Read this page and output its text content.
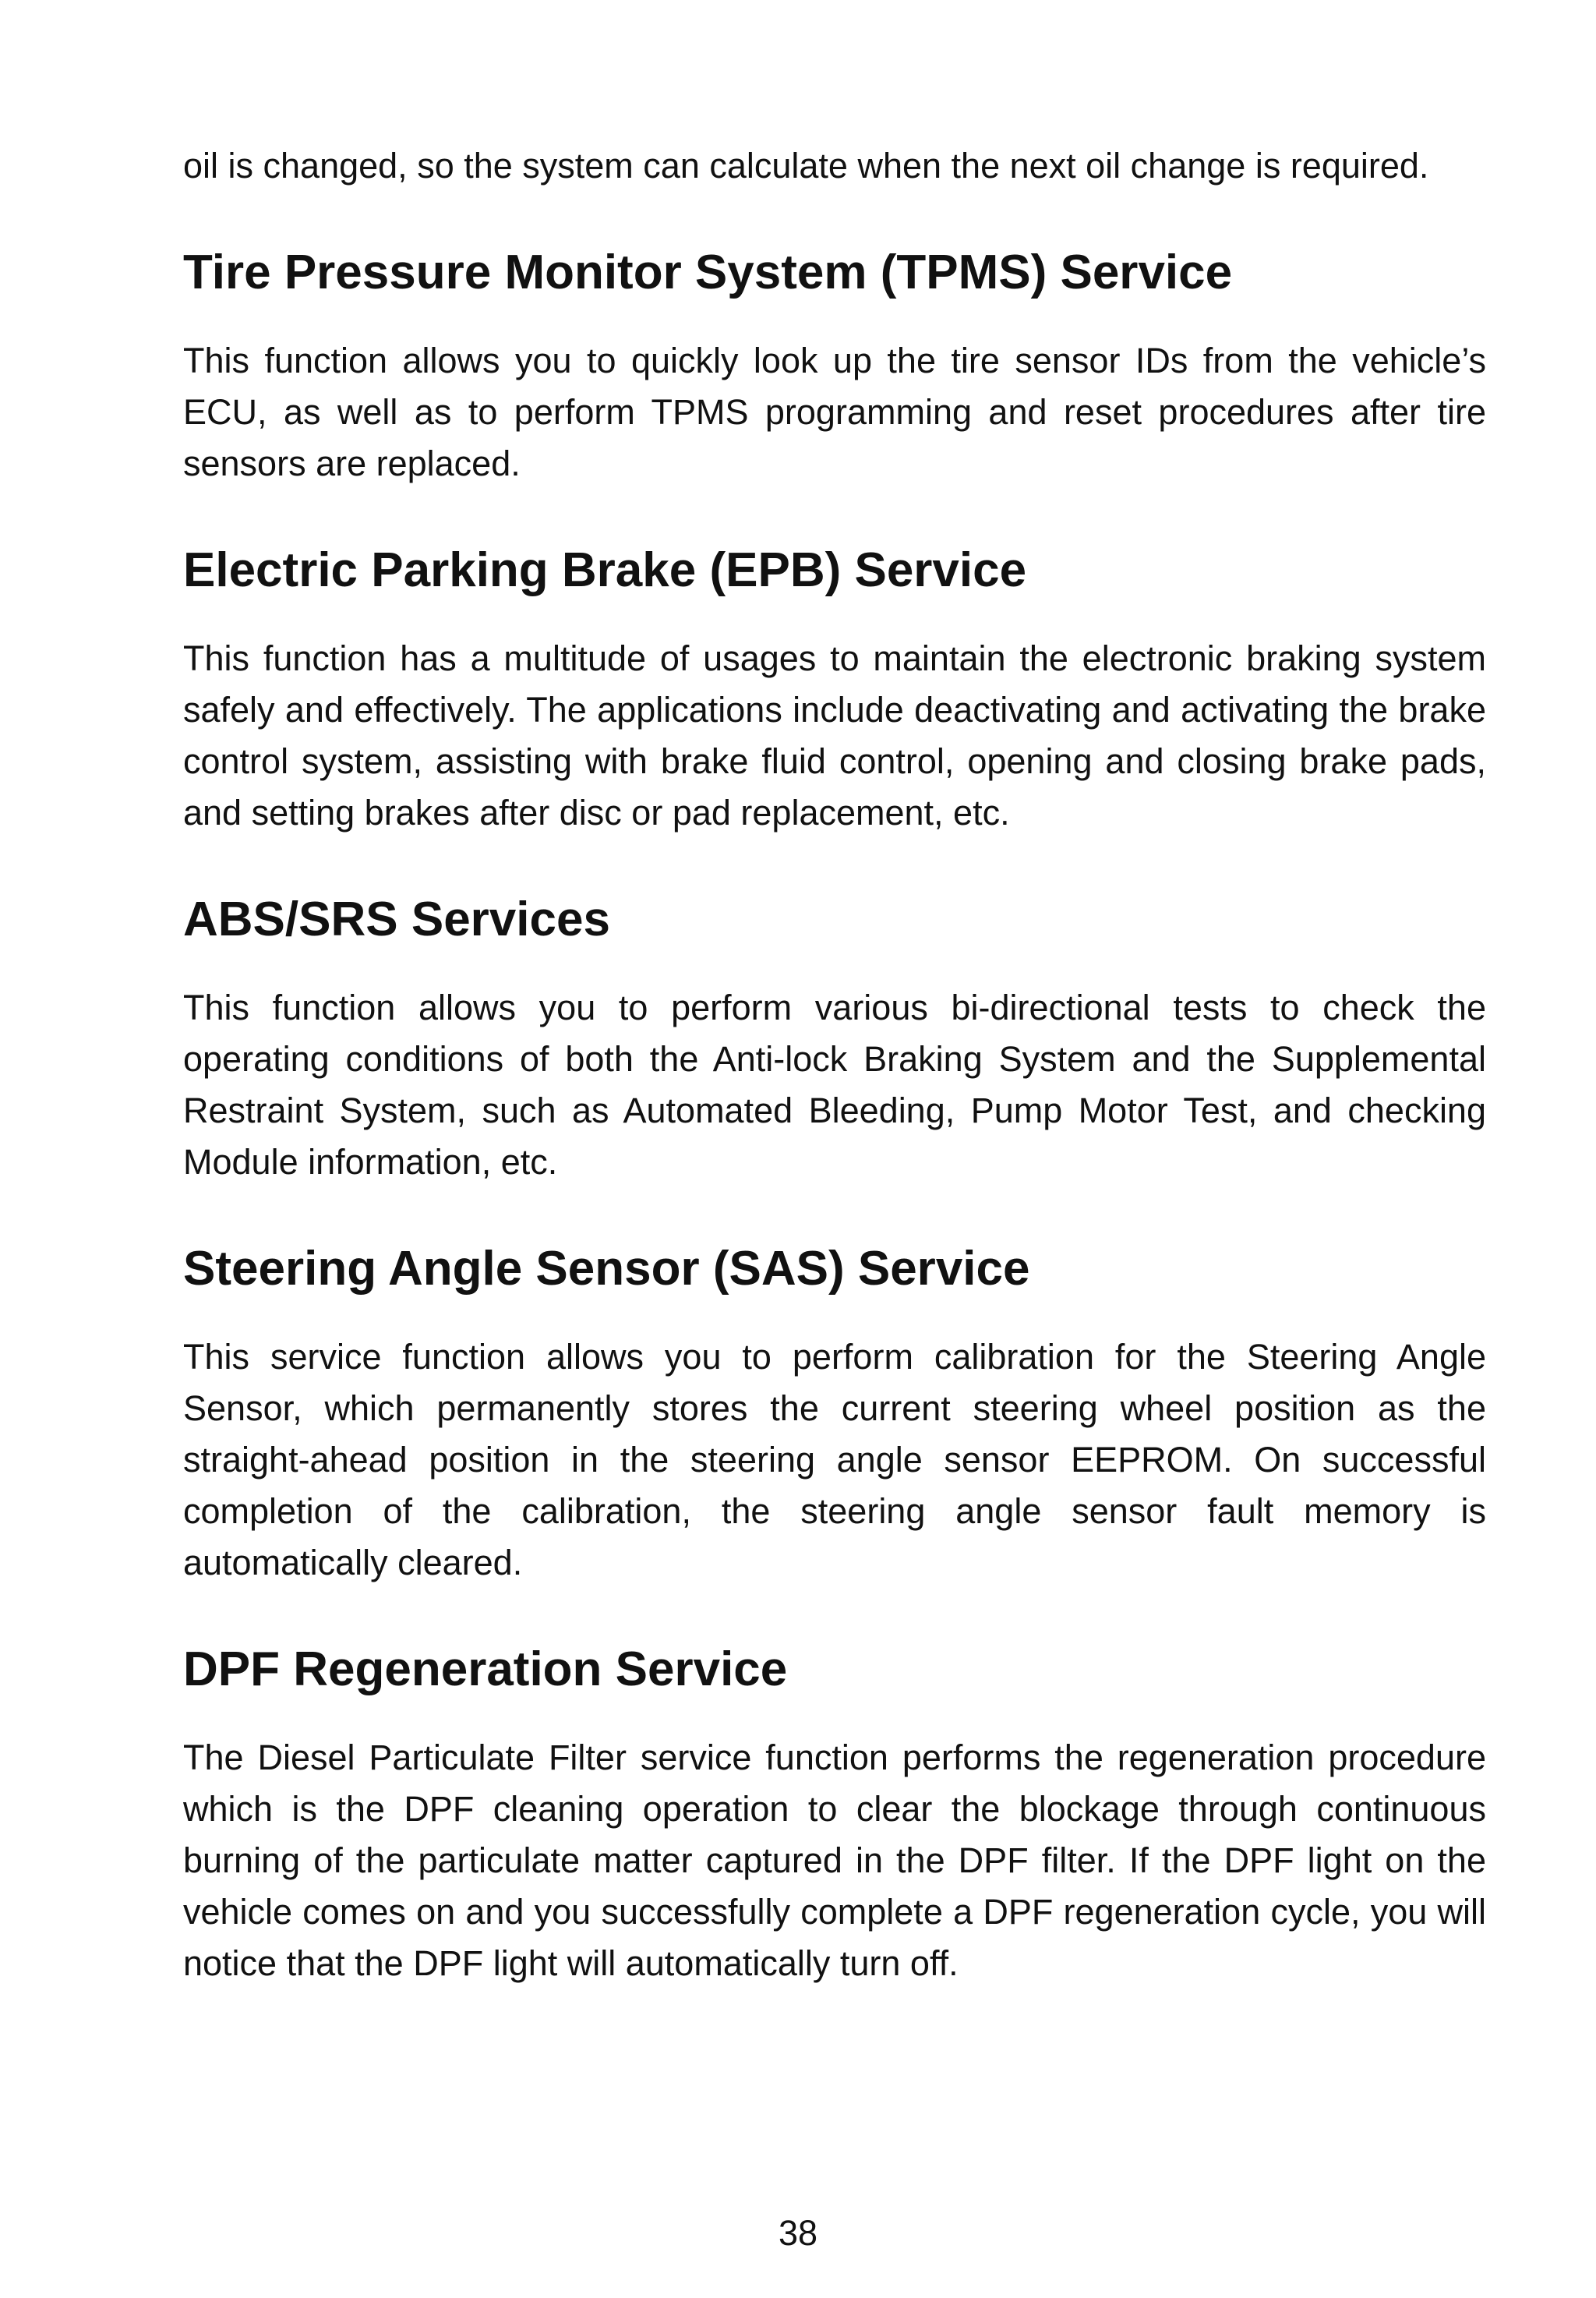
oil is changed, so the system can calculate when the next oil change is required.

Tire Pressure Monitor System (TPMS) Service

This function allows you to quickly look up the tire sensor IDs from the vehicle’s ECU, as well as to perform TPMS programming and reset procedures after tire sensors are replaced.

Electric Parking Brake (EPB) Service

This function has a multitude of usages to maintain the electronic braking system safely and effectively. The applications include deactivating and activating the brake control system, assisting with brake fluid control, opening and closing brake pads, and setting brakes after disc or pad replacement, etc.

ABS/SRS Services

This function allows you to perform various bi-directional tests to check the operating conditions of both the Anti-lock Braking System and the Supplemental Restraint System, such as Automated Bleeding, Pump Motor Test, and checking Module information, etc.

Steering Angle Sensor (SAS) Service

This service function allows you to perform calibration for the Steering Angle Sensor, which permanently stores the current steering wheel position as the straight-ahead position in the steering angle sensor EEPROM. On successful completion of the calibration, the steering angle sensor fault memory is automatically cleared.

DPF Regeneration Service

The Diesel Particulate Filter service function performs the regeneration procedure which is the DPF cleaning operation to clear the blockage through continuous burning of the particulate matter captured in the DPF filter. If the DPF light on the vehicle comes on and you successfully complete a DPF regeneration cycle, you will notice that the DPF light will automatically turn off.

38
